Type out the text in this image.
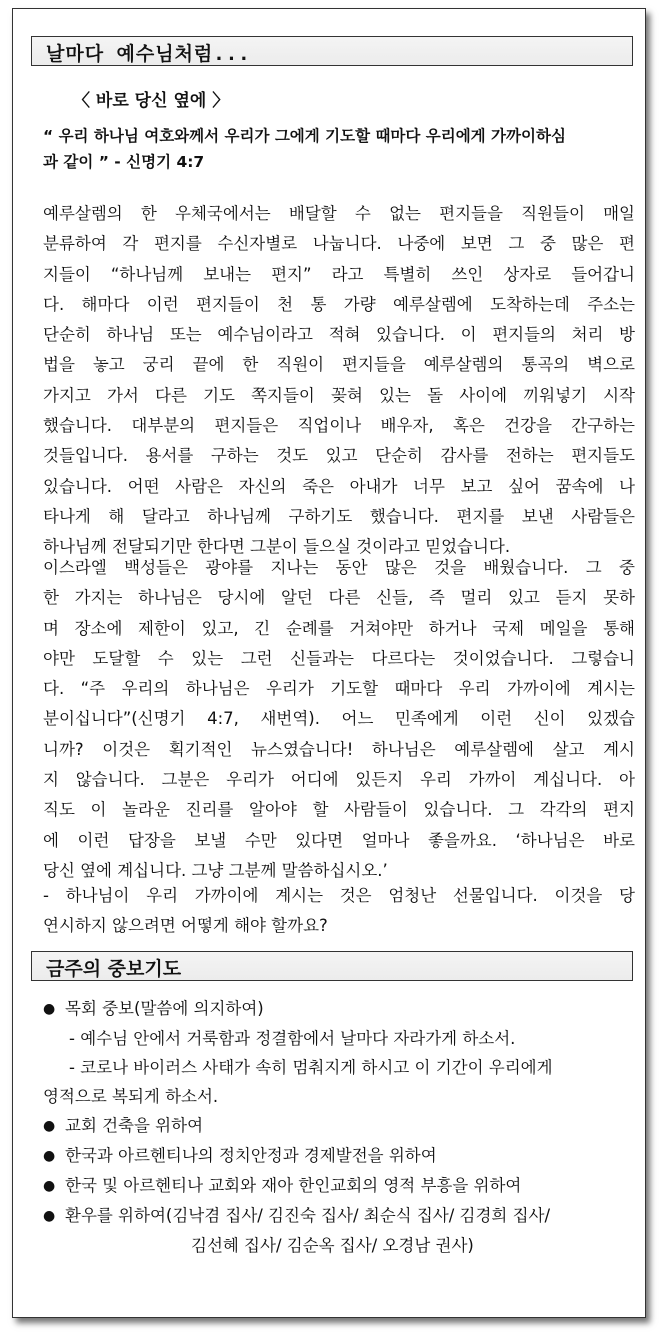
날마다 예수님처럼...
〈 바로 당신 옆에 〉
“ 우리 하나님 여호와께서 우리가 그에게 기도할 때마다 우리에게 가까이하심
과 같이 ” - 신명기 4:7
예루살렘의 한 우체국에서는 배달할 수 없는 편지들을 직원들이 매일
분류하여 각 편지를 수신자별로 나눕니다. 나중에 보면 그 중 많은 편
지들이 “하나님께 보내는 편지” 라고 특별히 쓰인 상자로 들어갑니
다. 해마다 이런 편지들이 천 통 가량 예루살렘에 도착하는데 주소는
단순히 하나님 또는 예수님이라고 적혀 있습니다. 이 편지들의 처리 방
법을 놓고 궁리 끝에 한 직원이 편지들을 예루살렘의 통곡의 벽으로
가지고 가서 다른 기도 쪽지들이 꽂혀 있는 돌 사이에 끼워넣기 시작
했습니다. 대부분의 편지들은 직업이나 배우자, 혹은 건강을 간구하는
것들입니다. 용서를 구하는 것도 있고 단순히 감사를 전하는 편지들도
있습니다. 어떤 사람은 자신의 죽은 아내가 너무 보고 싶어 꿈속에 나
타나게 해 달라고 하나님께 구하기도 했습니다. 편지를 보낸 사람들은
하나님께 전달되기만 한다면 그분이 들으실 것이라고 믿었습니다.
이스라엘 백성들은 광야를 지나는 동안 많은 것을 배웠습니다. 그 중
한 가지는 하나님은 당시에 알던 다른 신들, 즉 멀리 있고 듣지 못하
며 장소에 제한이 있고, 긴 순례를 거쳐야만 하거나 국제 메일을 통해
야만 도달할 수 있는 그런 신들과는 다르다는 것이었습니다. 그렇습니
다. “주 우리의 하나님은 우리가 기도할 때마다 우리 가까이에 계시는
분이십니다”(신명기 4:7, 새번역). 어느 민족에게 이런 신이 있겠습
니까? 이것은 획기적인 뉴스였습니다! 하나님은 예루살렘에 살고 계시
지 않습니다. 그분은 우리가 어디에 있든지 우리 가까이 계십니다. 아
직도 이 놀라운 진리를 알아야 할 사람들이 있습니다. 그 각각의 편지
에 이런 답장을 보낼 수만 있다면 얼마나 좋을까요. ‘하나님은 바로
당신 옆에 계십니다. 그냥 그분께 말씀하십시오.’
- 하나님이 우리 가까이에 계시는 것은 엄청난 선물입니다. 이것을 당
연시하지 않으려면 어떻게 해야 할까요?
금주의 중보기도
● 목회 중보(말씀에 의지하여)
- 예수님 안에서 거룩함과 정결함에서 날마다 자라가게 하소서.
- 코로나 바이러스 사태가 속히 멈춰지게 하시고 이 기간이 우리에게
영적으로 복되게 하소서.
● 교회 건축을 위하여
● 한국과 아르헨티나의 정치안정과 경제발전을 위하여
● 한국 및 아르헨티나 교회와 재아 한인교회의 영적 부흥을 위하여
● 환우를 위하여(김낙겸 집사/ 김진숙 집사/ 최순식 집사/ 김경희 집사/
김선혜 집사/ 김순옥 집사/ 오경남 권사)
